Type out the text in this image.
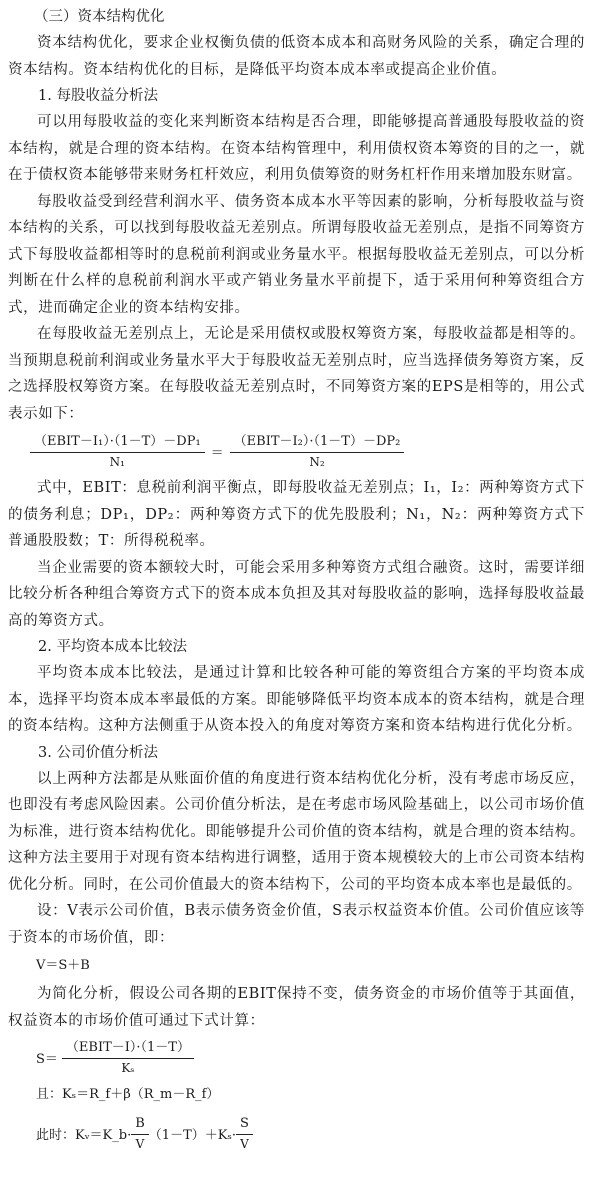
（三）资本结构优化

资本结构优化，要求企业权衡负债的低资本成本和高财务风险的关系，确定合理的资本结构。资本结构优化的目标，是降低平均资本成本率或提高企业价值。

1. 每股收益分析法

可以用每股收益的变化来判断资本结构是否合理，即能够提高普通股每股收益的资本结构，就是合理的资本结构。在资本结构管理中，利用债权资本筹资的目的之一，就在于债权资本能够带来财务杠杆效应，利用负债筹资的财务杠杆作用来增加股东财富。

每股收益受到经营利润水平、债务资本成本水平等因素的影响，分析每股收益与资本结构的关系，可以找到每股收益无差别点。所谓每股收益无差别点，是指不同筹资方式下每股收益都相等时的息税前利润或业务量水平。根据每股收益无差别点，可以分析判断在什么样的息税前利润水平或产销业务量水平前提下，适于采用何种筹资组合方式，进而确定企业的资本结构安排。

在每股收益无差别点上，无论是采用债权或股权筹资方案，每股收益都是相等的。当预期息税前利润或业务量水平大于每股收益无差别点时，应当选择债务筹资方案，反之选择股权筹资方案。在每股收益无差别点时，不同筹资方案的EPS是相等的，用公式表示如下：

$\frac{\text{（EBIT－I₁）·（1－T）－DP₁}}{\text{N₁}} = \frac{\text{（EBIT－I₂）·（1－T）－DP₂}}{\text{N₂}}$

式中，EBIT：息税前利润平衡点，即每股收益无差别点；I₁，I₂：两种筹资方式下的债务利息；DP₁，DP₂：两种筹资方式下的优先股股利；N₁，N₂：两种筹资方式下普通股股数；T：所得税税率。

当企业需要的资本额较大时，可能会采用多种筹资方式组合融资。这时，需要详细比较分析各种组合筹资方式下的资本成本负担及其对每股收益的影响，选择每股收益最高的筹资方式。

2. 平均资本成本比较法

平均资本成本比较法，是通过计算和比较各种可能的筹资组合方案的平均资本成本，选择平均资本成本率最低的方案。即能够降低平均资本成本的资本结构，就是合理的资本结构。这种方法侧重于从资本投入的角度对筹资方案和资本结构进行优化分析。

3. 公司价值分析法

以上两种方法都是从账面价值的角度进行资本结构优化分析，没有考虑市场反应，也即没有考虑风险因素。公司价值分析法，是在考虑市场风险基础上，以公司市场价值为标准，进行资本结构优化。即能够提升公司价值的资本结构，就是合理的资本结构。这种方法主要用于对现有资本结构进行调整，适用于资本规模较大的上市公司资本结构优化分析。同时，在公司价值最大的资本结构下，公司的平均资本成本率也是最低的。

设：V表示公司价值，B表示债务资金价值，S表示权益资本价值。公司价值应该等于资本的市场价值，即：

V＝S＋B

为简化分析，假设公司各期的EBIT保持不变，债务资金的市场价值等于其面值，权益资本的市场价值可通过下式计算：

$S= \frac{\text{（EBIT－I）·（1－T）}}{\text{Kₛ}}$
且：Kₛ＝R_f＋β（R_m－R_f）
此时：Kᵥ＝K_b· $\frac{B}{V} (1-T)+K_s\cdot \frac{S}{V}$
